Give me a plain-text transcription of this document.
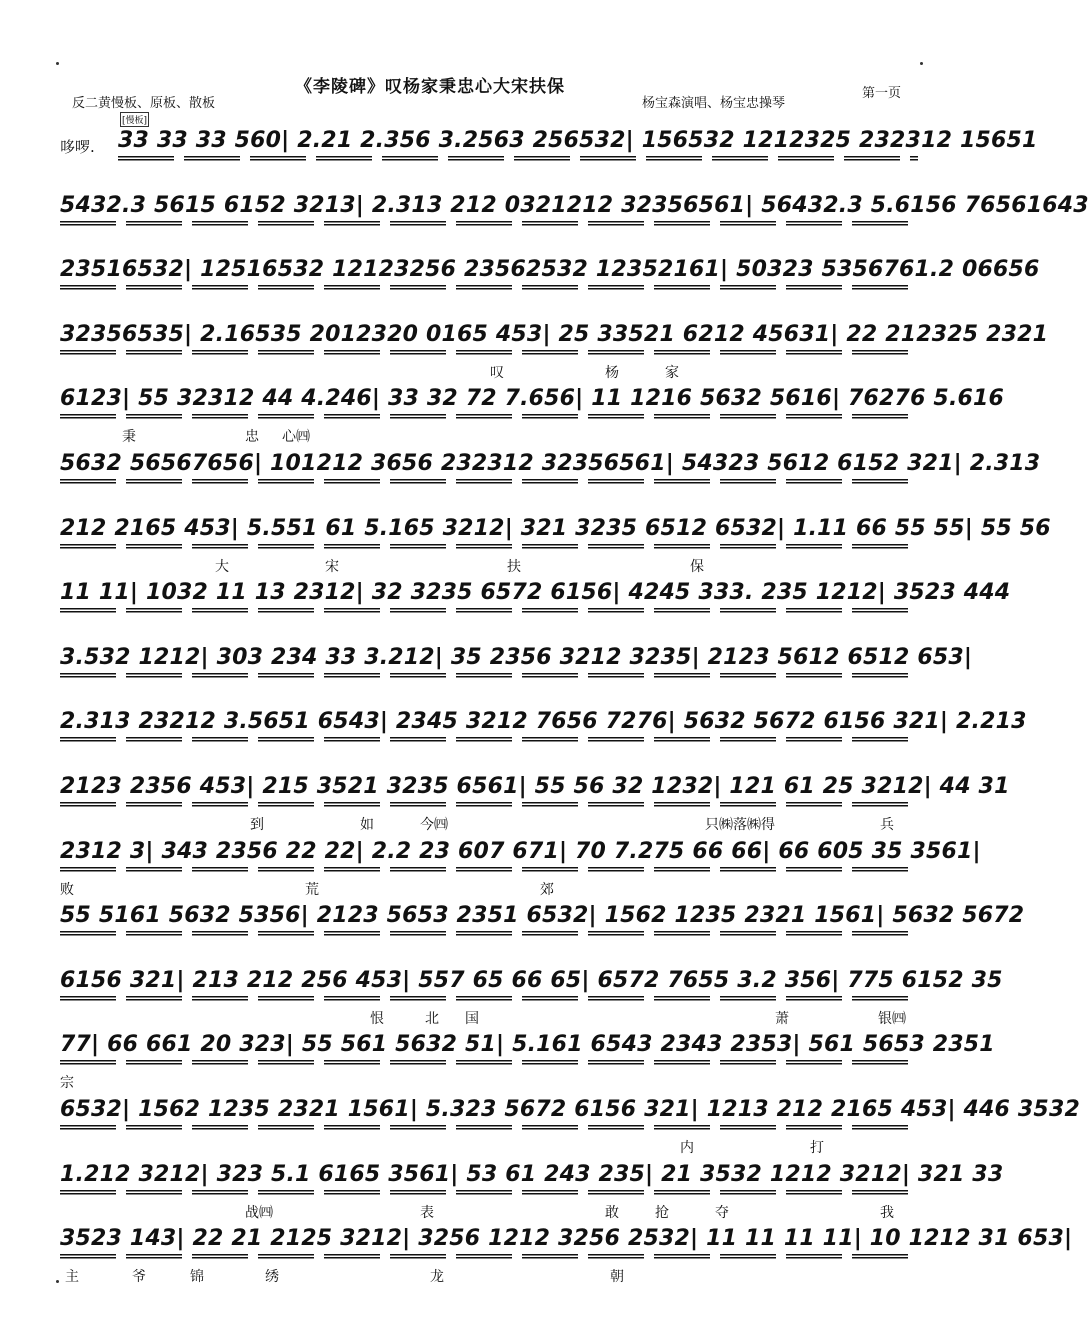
《李陵碑》叹杨家秉忠心大宋扶保
反二黄慢板、原板、散板	杨宝森演唱、杨宝忠操琴
第一页
[慢板]
哆啰. 33 33 33 560| 2.21 2.356 3.2563 256532| 156532 1212325 232312 15651
5432.3 5615 6152 3213| 2.313 212 0321212 32356561| 56432.3 5.6156 76561643
23516532| 12516532 12123256 23562532 12352161| 50323 5356761.2 06656
32356535| 2.16535 2012320 0165 453| 25 33521 6212 45631| 22 212325 2321
叹	杨	家
6123| 55 32312 44 4.246| 33 32 72 7.656| 11 1216 5632 5616| 76276 5.616
秉	忠 心㈣
5632 56567656| 101212 3656 232312 32356561| 54323 5612 6152 321| 2.313
212 2165 453| 5.551 61 5.165 3212| 321 3235 6512 6532| 1.11 66 55 55| 55 56
大	宋	扶	保
11 11| 1032 11 13 2312| 32 3235 6572 6156| 4245 333. 235 1212| 3523 444
3.532 1212| 303 234 33 3.212| 35 2356 3212 3235| 2123 5612 6512 653|
2.313 23212 3.5651 6543| 2345 3212 7656 7276| 5632 5672 6156 321| 2.213
2123 2356 453| 215 3521 3235 6561| 55 56 32 1232| 121 61 25 3212| 44 31
到	如	今㈣	只㈱落㈱得	兵
2312 3| 343 2356 22 22| 2.2 23 607 671| 70 7.275 66 66| 66 605 35 3561|
败	荒	郊
55 5161 5632 5356| 2123 5653 2351 6532| 1562 1235 2321 1561| 5632 5672
6156 321| 213 212 256 453| 557 65 66 65| 6572 7655 3.2 356| 775 6152 35
恨	北 国	萧	银㈣
77| 66 661 20 323| 55 561 5632 51| 5.161 6543 2343 2353| 561 5653 2351
宗
6532| 1562 1235 2321 1561| 5.323 5672 6156 321| 1213 212 2165 453| 446 3532
内	打
1.212 3212| 323 5.1 6165 3561| 53 61 243 235| 21 3532 1212 3212| 321 33
战㈣	表	敢	抢	夺	我
3523 143| 22 21 2125 3212| 3256 1212 3256 2532| 11 11 11 11| 10 1212 31 653|
主	爷	锦	绣	龙	朝
